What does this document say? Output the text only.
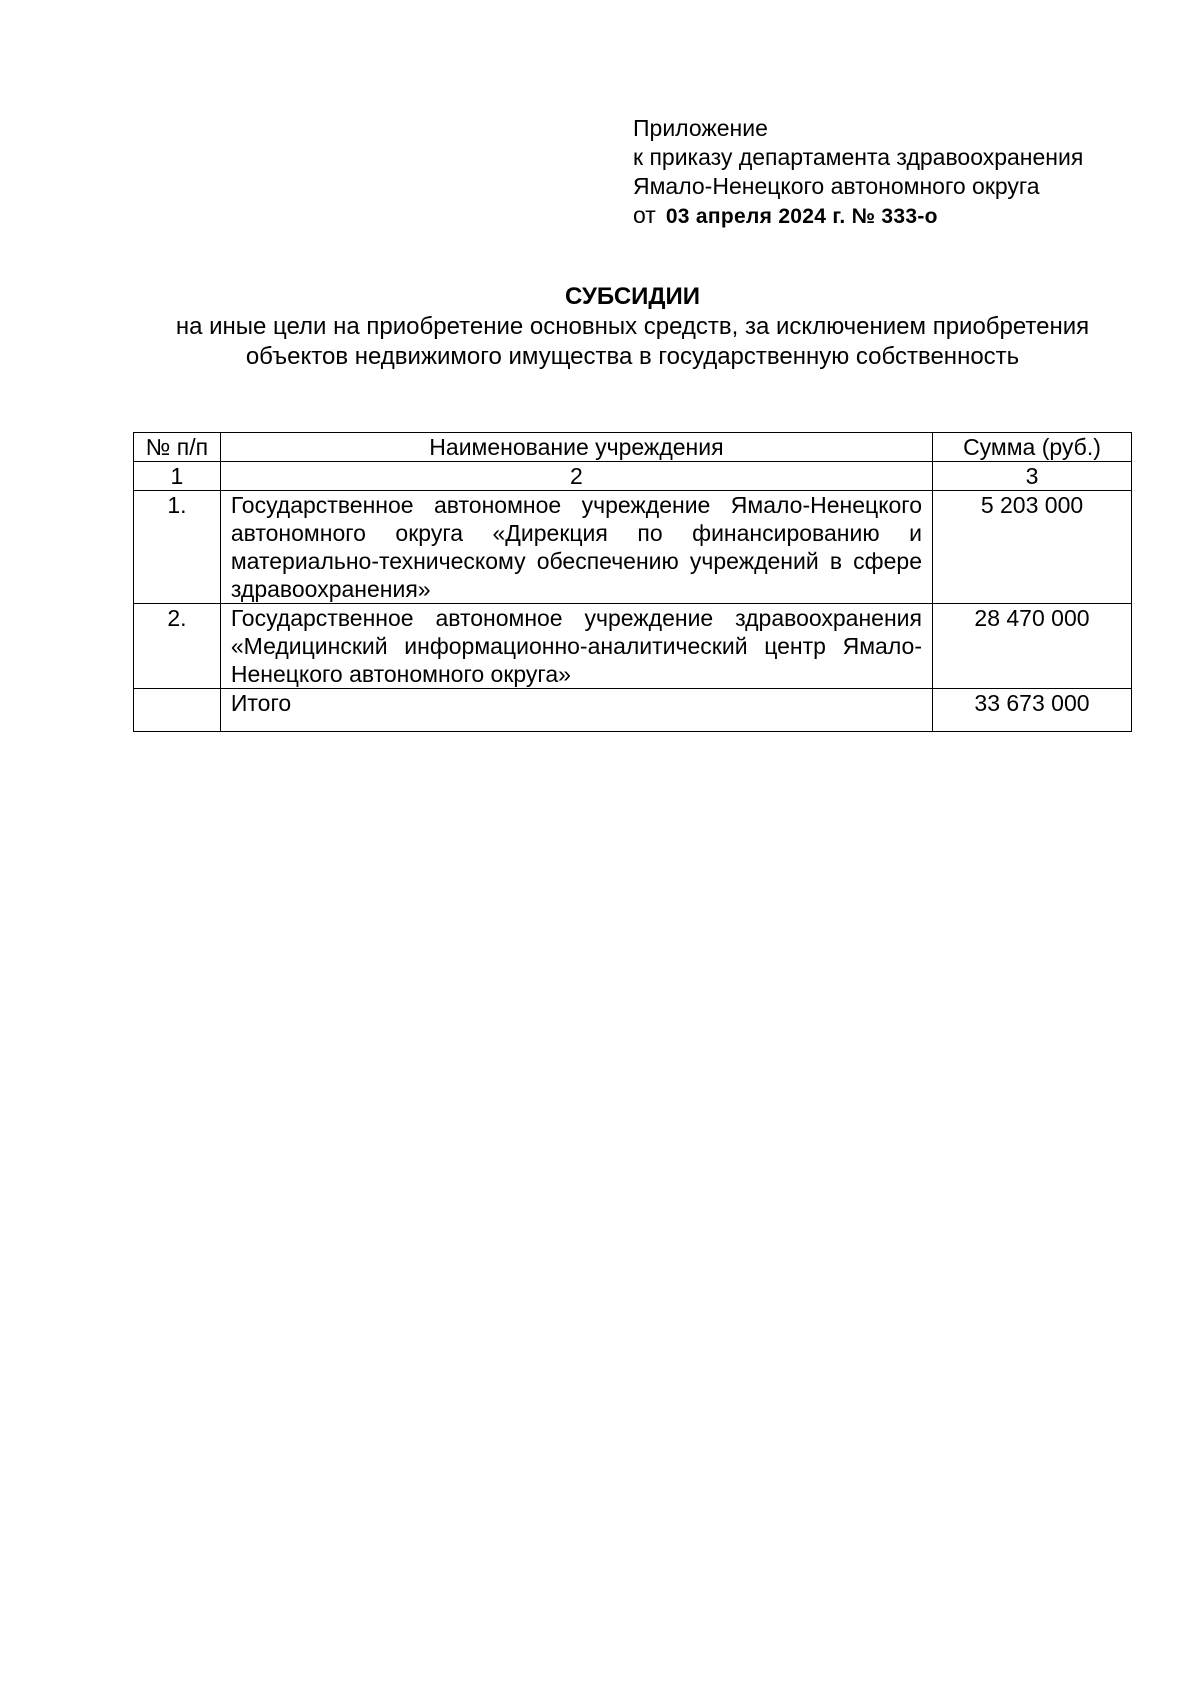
Приложение
к приказу департамента здравоохранения
Ямало-Ненецкого автономного округа
от 03 апреля 2024 г. № 333-о
СУБСИДИИ
на иные цели на приобретение основных средств, за исключением приобретения объектов недвижимого имущества в государственную собственность
№ п/п	Наименование учреждения	Сумма (руб.)
1	2	3
1.	Государственное автономное учреждение Ямало-Ненецкого автономного округа «Дирекция по финансированию и материально-техническому обеспечению учреждений в сфере здравоохранения»	5 203 000
2.	Государственное автономное учреждение здравоохранения «Медицинский информационно-аналитический центр Ямало-Ненецкого автономного округа»	28 470 000
	Итого	33 673 000
